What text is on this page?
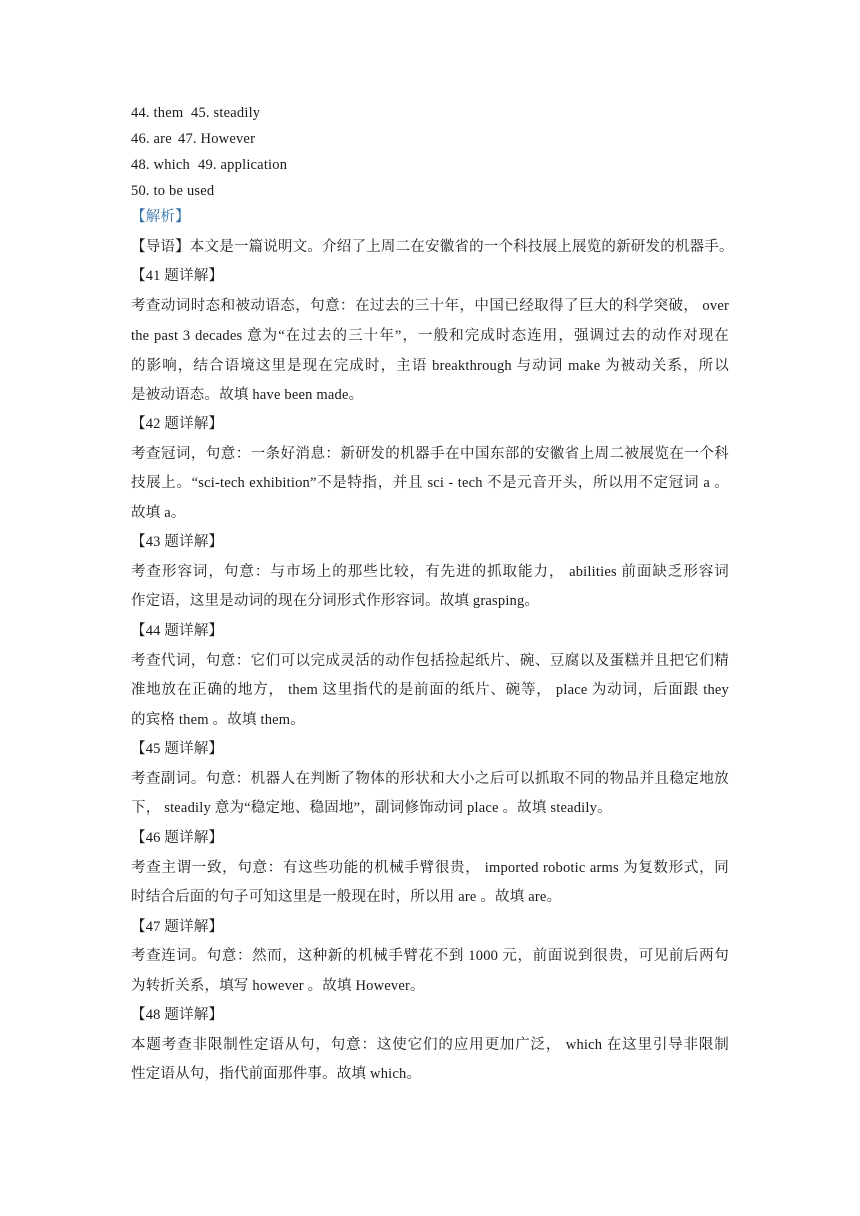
44. them 45. steadily
46. are 47. However
48. which 49. application
50. to be used
【解析】
【导语】本文是一篇说明文。介绍了上周二在安徽省的一个科技展上展览的新研发的机器手。
【41 题详解】
考查动词时态和被动语态，句意：在过去的三十年，中国已经取得了巨大的科学突破， over
the past 3 decades 意为“在过去的三十年”，一般和完成时态连用，强调过去的动作对现在
的影响，结合语境这里是现在完成时，主语 breakthrough 与动词 make 为被动关系，所以
是被动语态。故填 have been made。
【42 题详解】
考查冠词，句意：一条好消息：新研发的机器手在中国东部的安徽省上周二被展览在一个科
技展上。“sci-tech exhibition”不是特指，并且 sci - tech 不是元音开头，所以用不定冠词 a 。
故填 a。
【43 题详解】
考查形容词，句意：与市场上的那些比较，有先进的抓取能力， abilities 前面缺乏形容词
作定语，这里是动词的现在分词形式作形容词。故填 grasping。
【44 题详解】
考查代词，句意：它们可以完成灵活的动作包括捡起纸片、碗、豆腐以及蛋糕并且把它们精
准地放在正确的地方， them 这里指代的是前面的纸片、碗等， place 为动词，后面跟 they
的宾格 them 。故填 them。
【45 题详解】
考查副词。句意：机器人在判断了物体的形状和大小之后可以抓取不同的物品并且稳定地放
下， steadily 意为“稳定地、稳固地”，副词修饰动词 place 。故填 steadily。
【46 题详解】
考查主谓一致，句意：有这些功能的机械手臂很贵， imported robotic arms 为复数形式，同
时结合后面的句子可知这里是一般现在时，所以用 are 。故填 are。
【47 题详解】
考查连词。句意：然而，这种新的机械手臂花不到 1000 元，前面说到很贵，可见前后两句
为转折关系，填写 however 。故填 However。
【48 题详解】
本题考查非限制性定语从句，句意：这使它们的应用更加广泛， which 在这里引导非限制
性定语从句，指代前面那件事。故填 which。
